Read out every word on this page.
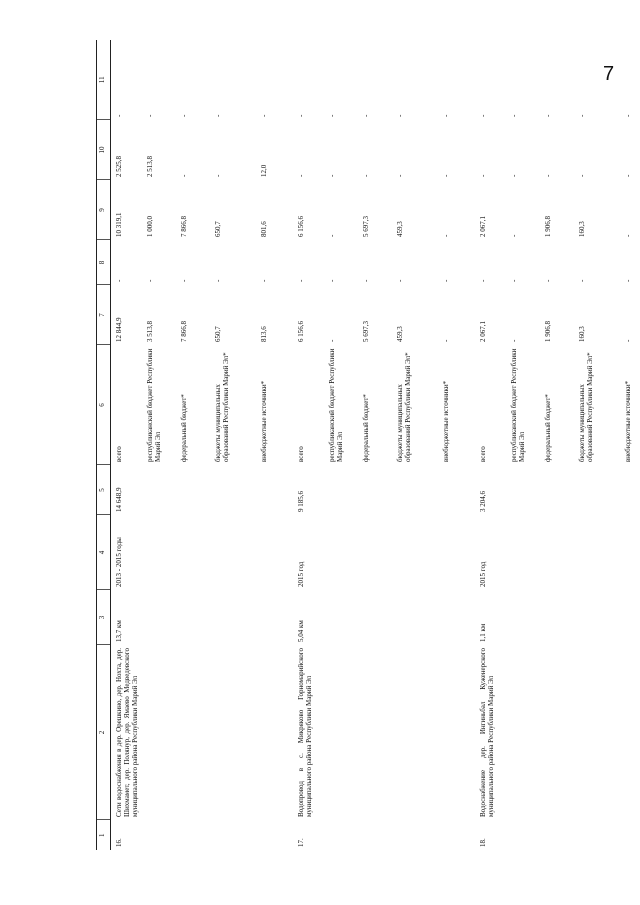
7
1	2	3	4	5	6	7	8	9	10	11
16.	Сети водоснабжения в дер. Орешкино, дер. Нохта, дер. Шихмамет, дер. Полянур, дер. Ямаево Медведевского муниципального района Республики Марий Эл	13,7 км	2013 - 2015 годы	14 648,9	всего	12 844,9	-	10 319,1	2 525,8	-
					республиканский бюджет Республики Марий Эл	3 513,8	-	1 000,0	2 513,8	-
					федеральный бюджет*	7 866,8	-	7 866,8	-	-
					бюджеты муниципальных образований Республики Марий Эл*	650,7	-	650,7	-	-
					внебюджетные источники*	813,6	-	801,6	12,0	-
17.	Водопровод в с. Микряково Горномарийского муниципального района Республики Марий Эл	5,04 км	2015 год	9 185,6	всего	6 156,6	-	6 156,6	-	-
					республиканский бюджет Республики Марий Эл	-	-	-	-	-
					федеральный бюджет*	5 697,3	-	5 697,3	-	-
					бюджеты муниципальных образований Республики Марий Эл*	459,3	-	459,3	-	-
					внебюджетные источники*	-	-	-	-	-
18.	Водоснабжение дер. Ингиньбал Куженерского муниципального района Республики Марий Эл	1,1 км	2015 год	3 204,6	всего	2 067,1	-	2 067,1	-	-
					республиканский бюджет Республики Марий Эл	-	-	-	-	-
					федеральный бюджет*	1 906,8	-	1 906,8	-	-
					бюджеты муниципальных образований Республики Марий Эл*	160,3	-	160,3	-	-
					внебюджетные источники*	-	-	-	-	-
